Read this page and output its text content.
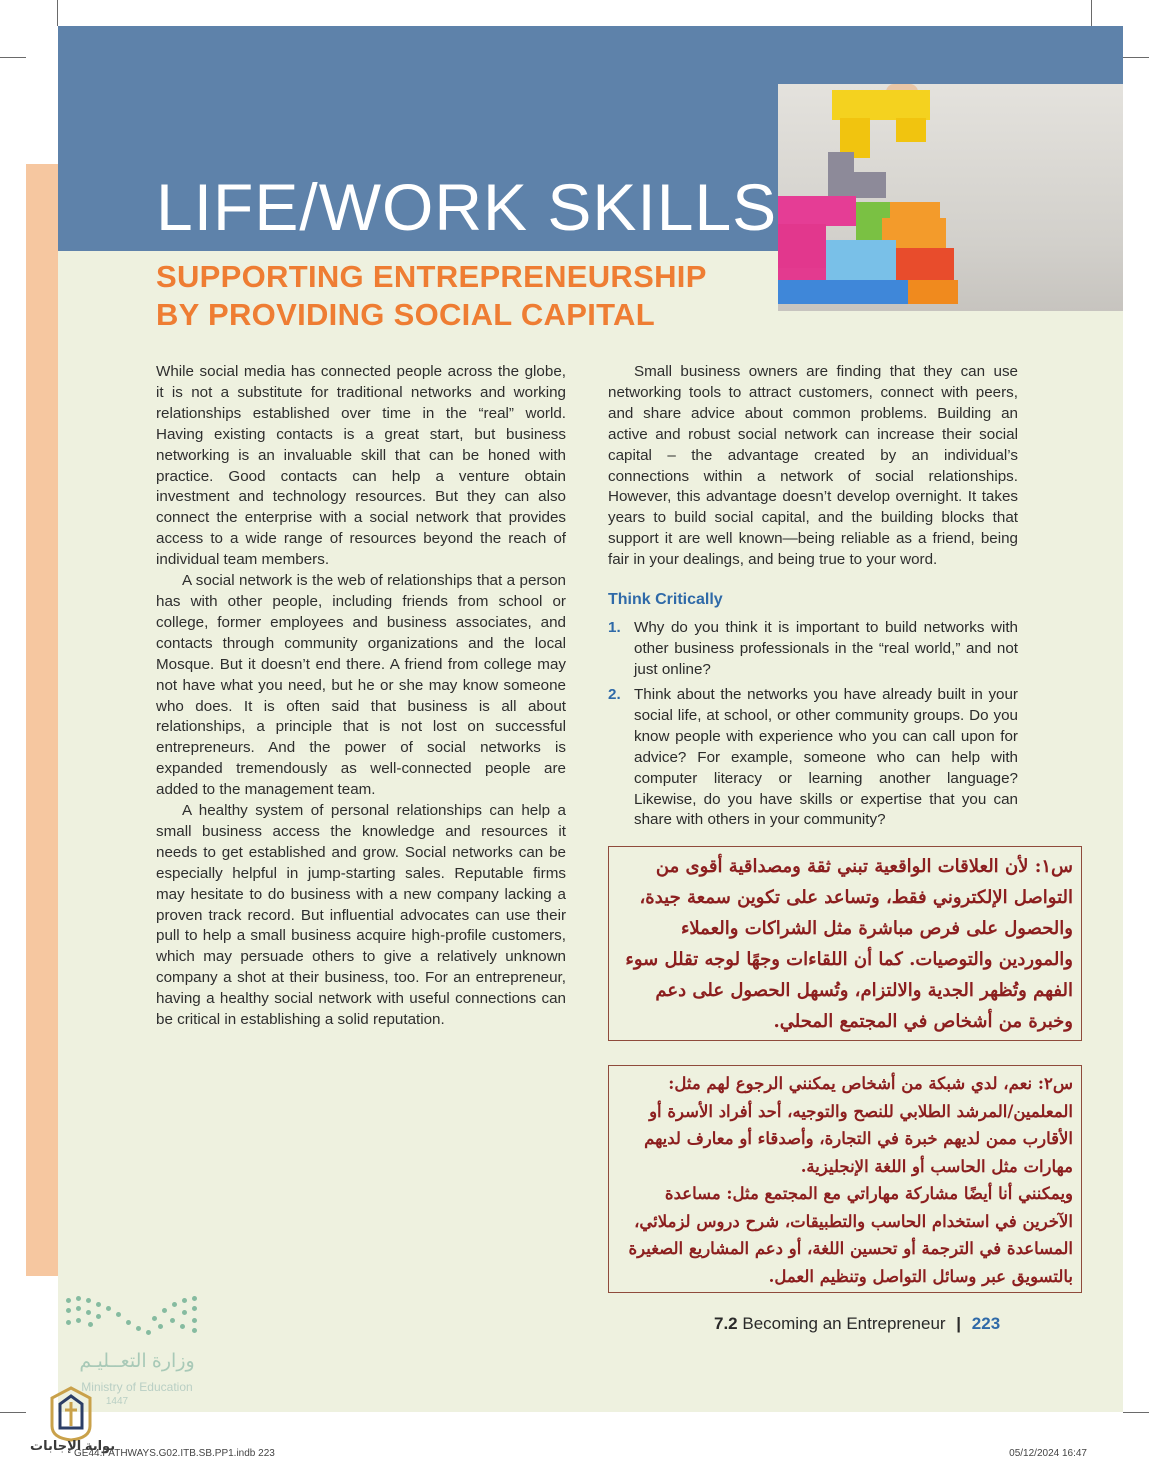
LIFE/WORK SKILLS
SUPPORTING ENTREPRENEURSHIP
BY PROVIDING SOCIAL CAPITAL

While social media has connected people across the globe, it is not a substitute for traditional networks and working relationships established over time in the “real” world. Having existing contacts is a great start, but business networking is an invaluable skill that can be honed with practice. Good contacts can help a venture obtain investment and technology resources. But they can also connect the enterprise with a social network that provides access to a wide range of resources beyond the reach of individual team members.

A social network is the web of relationships that a person has with other people, including friends from school or college, former employees and business associates, and contacts through community organizations and the local Mosque. But it doesn’t end there. A friend from college may not have what you need, but he or she may know someone who does. It is often said that business is all about relationships, a principle that is not lost on successful entrepreneurs. And the power of social networks is expanded tremendously as well-connected people are added to the management team.

A healthy system of personal relationships can help a small business access the knowledge and resources it needs to get established and grow. Social networks can be especially helpful in jump-starting sales. Reputable firms may hesitate to do business with a new company lacking a proven track record. But influential advocates can use their pull to help a small business acquire high-profile customers, which may persuade others to give a relatively unknown company a shot at their business, too. For an entrepreneur, having a healthy social network with useful connections can be critical in establishing a solid reputation.

Small business owners are finding that they can use networking tools to attract customers, connect with peers, and share advice about common problems. Building an active and robust social network can increase their social capital – the advantage created by an individual’s connections within a network of social relationships. However, this advantage doesn’t develop overnight. It takes years to build social capital, and the building blocks that support it are well known—being reliable as a friend, being fair in your dealings, and being true to your word.

Think Critically
1. Why do you think it is important to build networks with other business professionals in the “real world,” and not just online?
2. Think about the networks you have already built in your social life, at school, or other community groups. Do you know people with experience who you can call upon for advice? For example, someone who can help with computer literacy or learning another language? Likewise, do you have skills or expertise that you can share with others in your community?

س١: لأن العلاقات الواقعية تبني ثقة ومصداقية أقوى من التواصل الإلكتروني فقط، وتساعد على تكوين سمعة جيدة، والحصول على فرص مباشرة مثل الشراكات والعملاء والموردين والتوصيات. كما أن اللقاءات وجهًا لوجه تقلل سوء الفهم وتُظهر الجدية والالتزام، وتُسهل الحصول على دعم وخبرة من أشخاص في المجتمع المحلي.

س٢: نعم، لدي شبكة من أشخاص يمكنني الرجوع لهم مثل: المعلمين/المرشد الطلابي للنصح والتوجيه، أحد أفراد الأسرة أو الأقارب ممن لديهم خبرة في التجارة، وأصدقاء أو معارف لديهم مهارات مثل الحاسب أو اللغة الإنجليزية.

ويمكنني أنا أيضًا مشاركة مهاراتي مع المجتمع مثل: مساعدة الآخرين في استخدام الحاسب والتطبيقات، شرح دروس لزملائي، المساعدة في الترجمة أو تحسين اللغة، أو دعم المشاريع الصغيرة بالتسويق عبر وسائل التواصل وتنظيم العمل.

7.2 Becoming an Entrepreneur | 223
وزارة التعــليـم
Ministry of Education
1447
بوابة الإجابات
GE44.PATHWAYS.G02.ITB.SB.PP1.indb 223	05/12/2024 16:47
